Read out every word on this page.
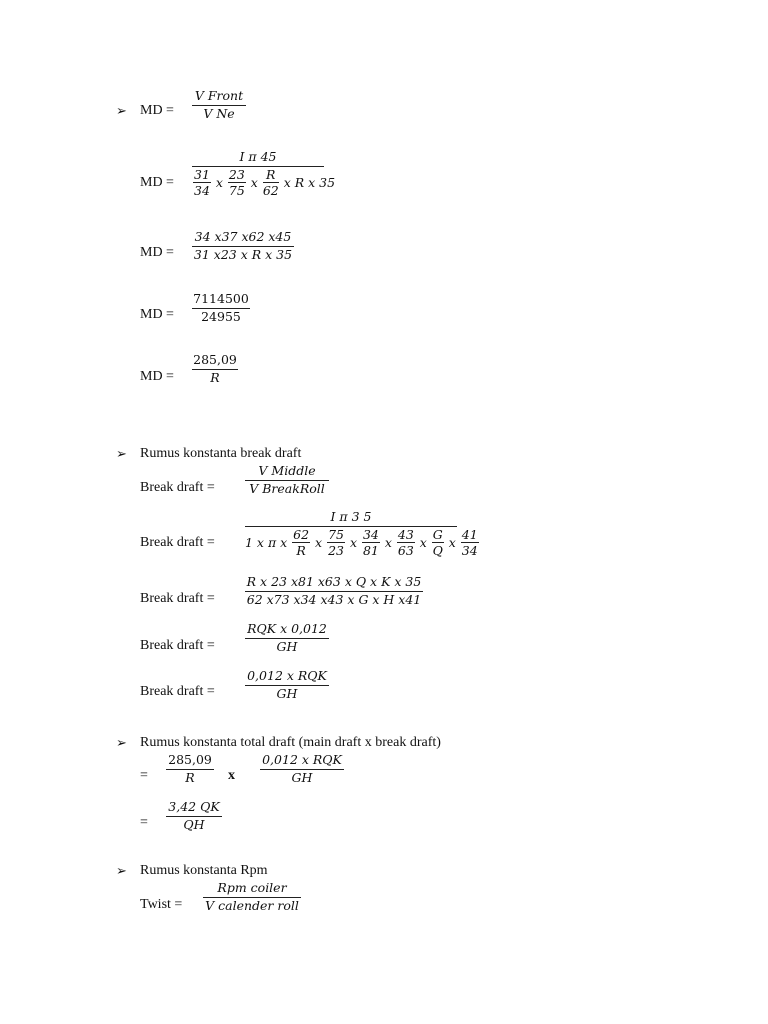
➢ MD =
V Front
V Ne
MD =
I π 45
$\frac{31}{34}$ x $\frac{23}{75}$ x $\frac{R}{62}$ x R x 35
MD =
34 x37 x62 x45
31 x23 x R x 35
MD =
7114500
24955
MD =
285,09
R
➢ Rumus konstanta break draft
Break draft =
V Middle
V BreakRoll
Break draft =
I π 3 5
1 x π x $\frac{62}{R}$ x $\frac{75}{23}$ x $\frac{34}{81}$ x $\frac{43}{63}$ x $\frac{G}{Q}$ x $\frac{41}{34}$
Break draft =
R x 23 x81 x63 x Q x K x 35
62 x73 x34 x43 x G x H x41
Break draft =
RQK x 0,012
GH
Break draft =
0,012 x RQK
GH
➢ Rumus konstanta total draft (main draft x break draft)
=
285,09
R	x
0,012 x RQK
GH
=
3,42 QK
QH
➢ Rumus konstanta Rpm
Twist =
Rpm coiler
V calender roll
